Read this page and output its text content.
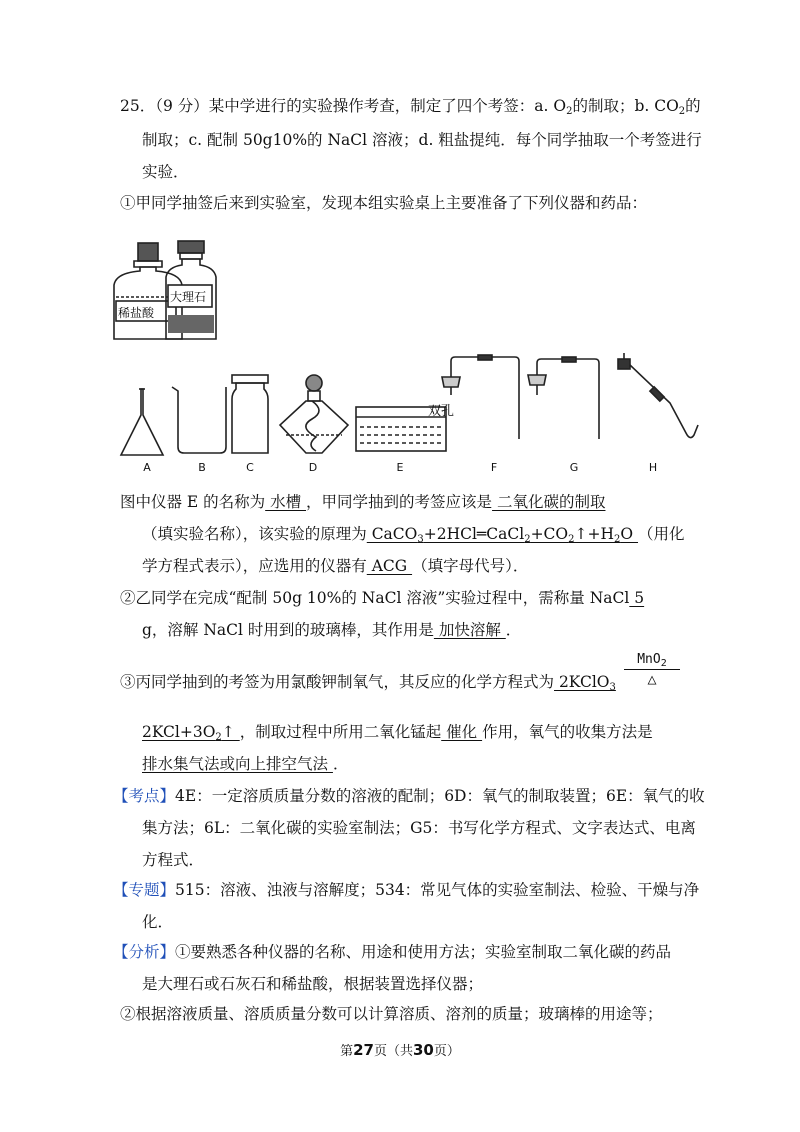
25．（9 分）某中学进行的实验操作考查，制定了四个考签：a. $O_2$的制取；b. $CO_2$的
制取；c. 配制 50g10%的 NaCl 溶液；d. 粗盐提纯．每个同学抽取一个考签进行
实验．
①甲同学抽签后来到实验室，发现本组实验桌上主要准备了下列仪器和药品：
稀盐酸
大理石
双孔
A	B	C	D	E	F	G	H
图中仪器 E 的名称为 水槽 ，甲同学抽到的考签应该是 二氧化碳的制取
（填实验名称），该实验的原理为 $CaCO_3+2HCl═CaCl_2+CO_2↑+H_2O$ （用化
学方程式表示），应选用的仪器有 ACG （填字母代号）．
②乙同学在完成“配制 50g 10%的 NaCl 溶液”实验过程中，需称量 NaCl 5
g，溶解 NaCl 时用到的玻璃棒，其作用是 加快溶解 ．
③丙同学抽到的考签为用氯酸钾制氧气，其反应的化学方程式为 2KClO$_3$
MnO$_2$
△
$2KCl+3O_2↑$ ，制取过程中所用二氧化锰起 催化 作用，氧气的收集方法是
排水集气法或向上排空气法 ．
【考点】4E：一定溶质质量分数的溶液的配制；6D：氧气的制取装置；6E：氧气的收
集方法；6L：二氧化碳的实验室制法；G5：书写化学方程式、文字表达式、电离
方程式．
【专题】515：溶液、浊液与溶解度；534：常见气体的实验室制法、检验、干燥与净
化．
【分析】①要熟悉各种仪器的名称、用途和使用方法；实验室制取二氧化碳的药品
是大理石或石灰石和稀盐酸，根据装置选择仪器；
②根据溶液质量、溶质质量分数可以计算溶质、溶剂的质量；玻璃棒的用途等；
第27页（共30页）
